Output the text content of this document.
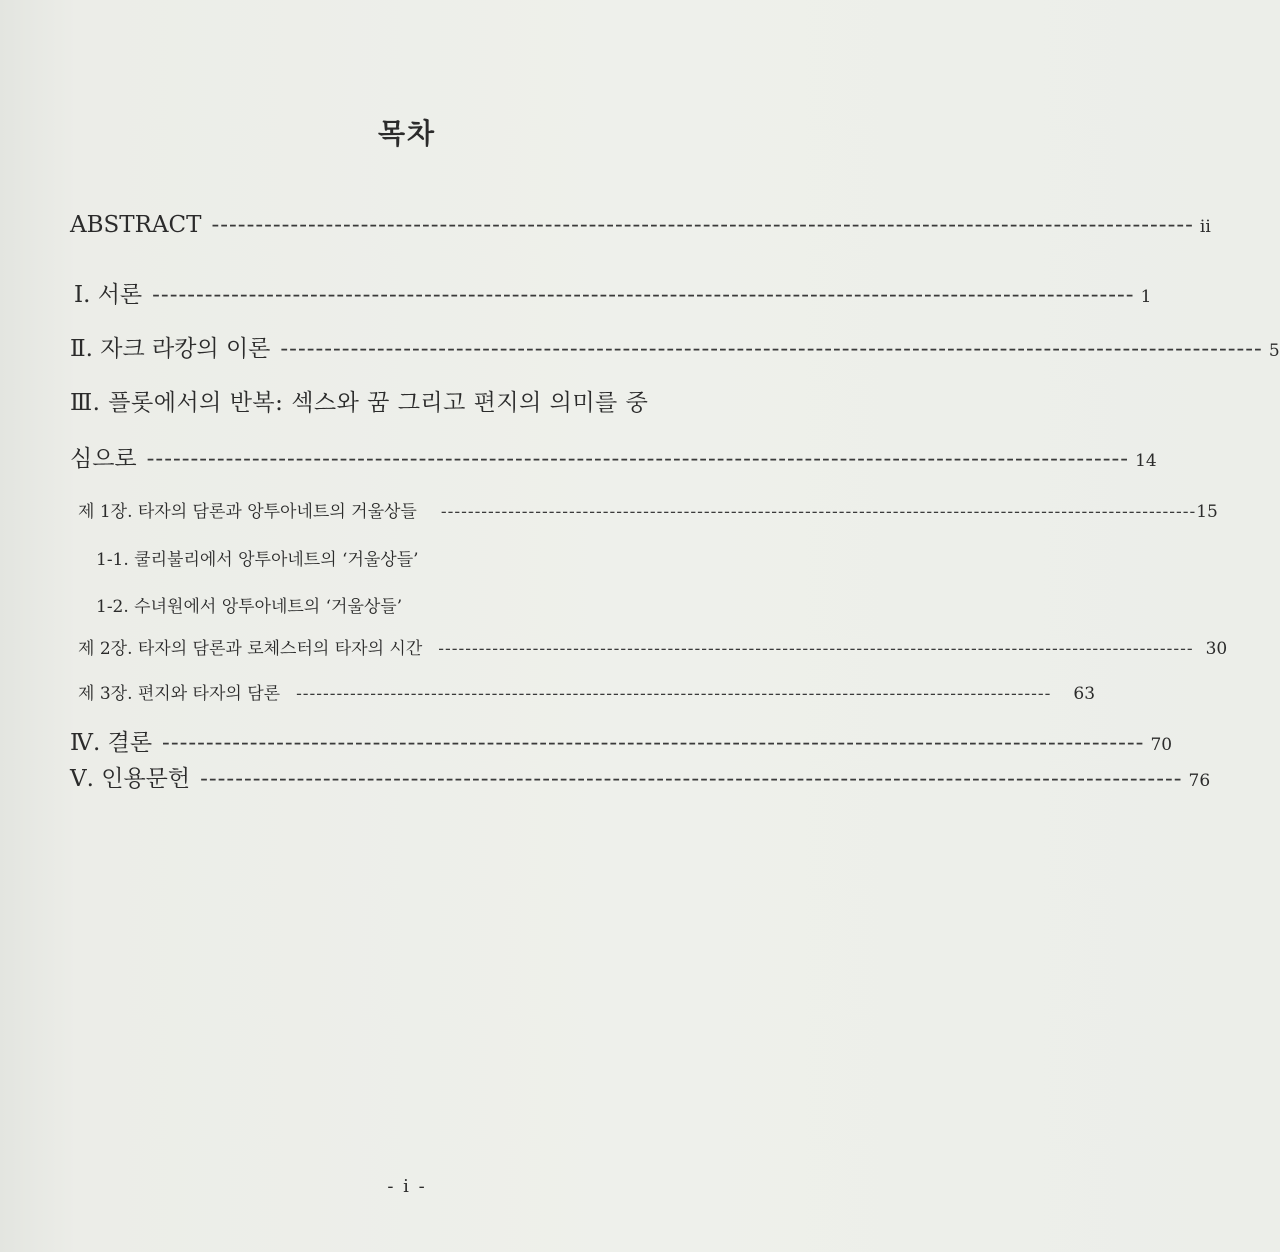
목차
ABSTRACT ---------------------------------------------------------------------------------------------------------------- ii
Ⅰ. 서론 ---------------------------------------------------------------------------------------------------------------- 1
Ⅱ. 자크 라캉의 이론 ---------------------------------------------------------------------------------------------------------------- 5
Ⅲ. 플롯에서의 반복: 섹스와 꿈 그리고 편지의 의미를 중
심으로 ---------------------------------------------------------------------------------------------------------------- 14
제 1장. 타자의 담론과 앙투아네트의 거울상들 ---------------------------------------------------------------------------------------------------------------- 15
1-1. 쿨리불리에서 앙투아네트의 ‘거울상들’
1-2. 수녀원에서 앙투아네트의 ‘거울상들’
제 2장. 타자의 담론과 로체스터의 타자의 시간 ---------------------------------------------------------------------------------------------------------------- 30
제 3장. 편지와 타자의 담론 ---------------------------------------------------------------------------------------------------------------- 63
Ⅳ. 결론 ---------------------------------------------------------------------------------------------------------------- 70
Ⅴ. 인용문헌 ---------------------------------------------------------------------------------------------------------------- 76
- i -
